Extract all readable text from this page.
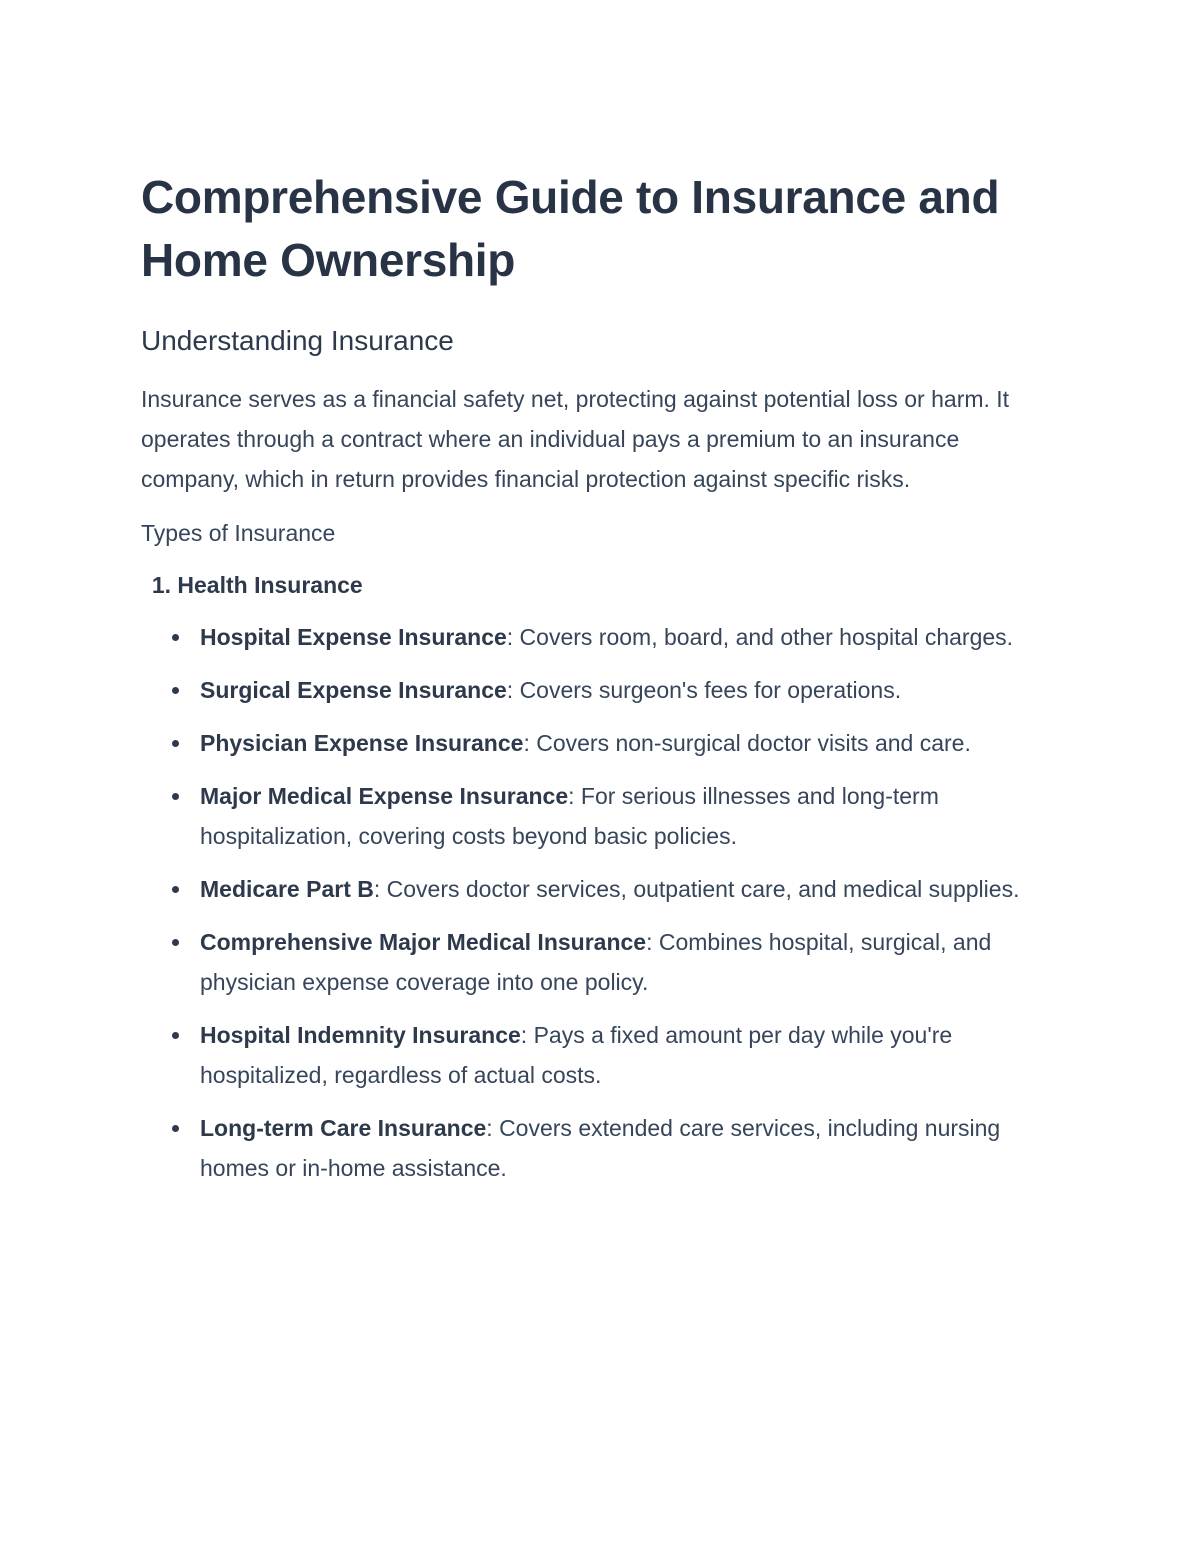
Comprehensive Guide to Insurance and Home Ownership
Understanding Insurance

Insurance serves as a financial safety net, protecting against potential loss or harm. It operates through a contract where an individual pays a premium to an insurance company, which in return provides financial protection against specific risks.

Types of Insurance
1. Health Insurance
Hospital Expense Insurance: Covers room, board, and other hospital charges.
Surgical Expense Insurance: Covers surgeon's fees for operations.
Physician Expense Insurance: Covers non-surgical doctor visits and care.
Major Medical Expense Insurance: For serious illnesses and long-term hospitalization, covering costs beyond basic policies.
Medicare Part B: Covers doctor services, outpatient care, and medical supplies.
Comprehensive Major Medical Insurance: Combines hospital, surgical, and physician expense coverage into one policy.
Hospital Indemnity Insurance: Pays a fixed amount per day while you're hospitalized, regardless of actual costs.
Long-term Care Insurance: Covers extended care services, including nursing homes or in-home assistance.
